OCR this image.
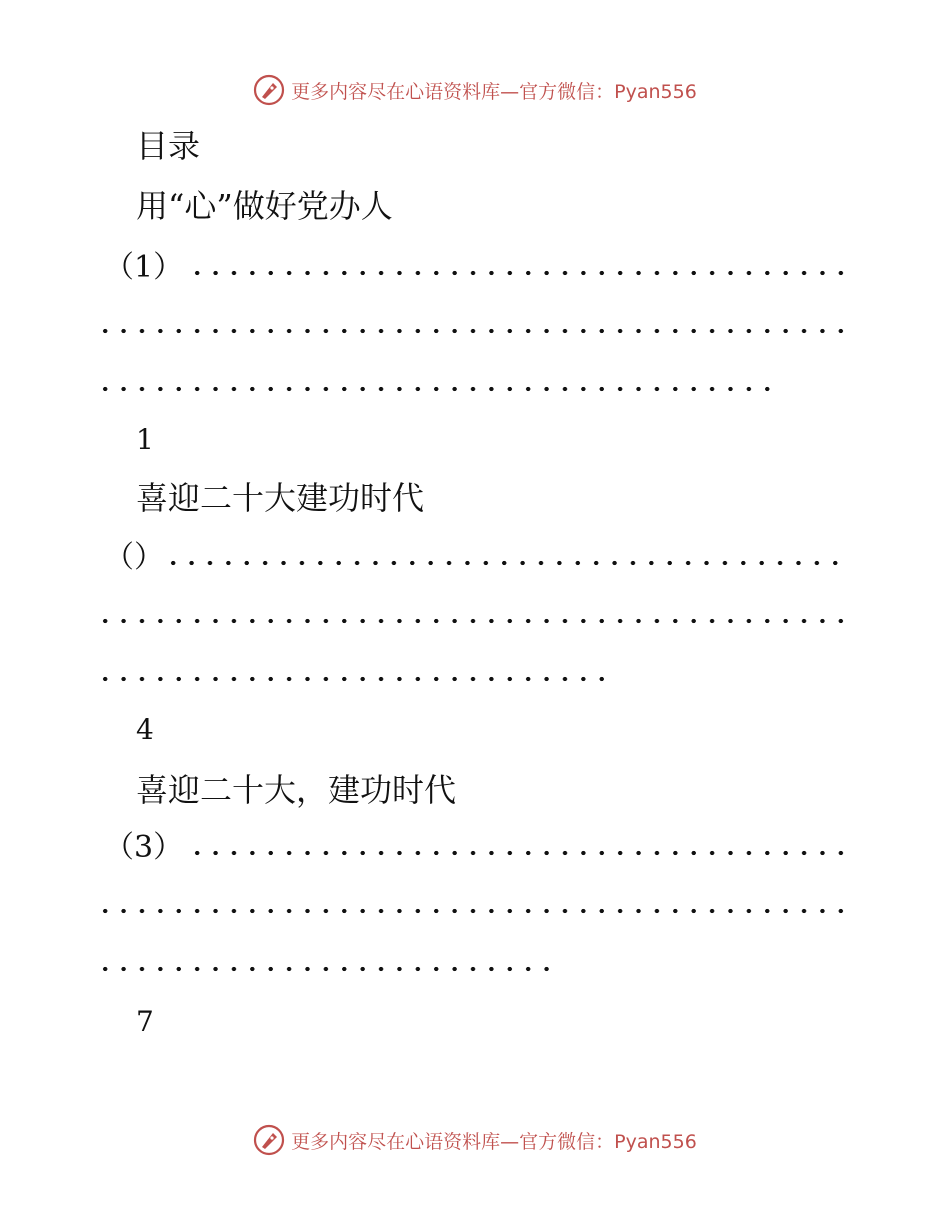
更多内容尽在心语资料库—官方微信：Pyan556
目录
用“心”做好党办人
（1）
1
喜迎二十大建功时代
（）
4
喜迎二十大，建功时代
（3）
7
更多内容尽在心语资料库—官方微信：Pyan556
